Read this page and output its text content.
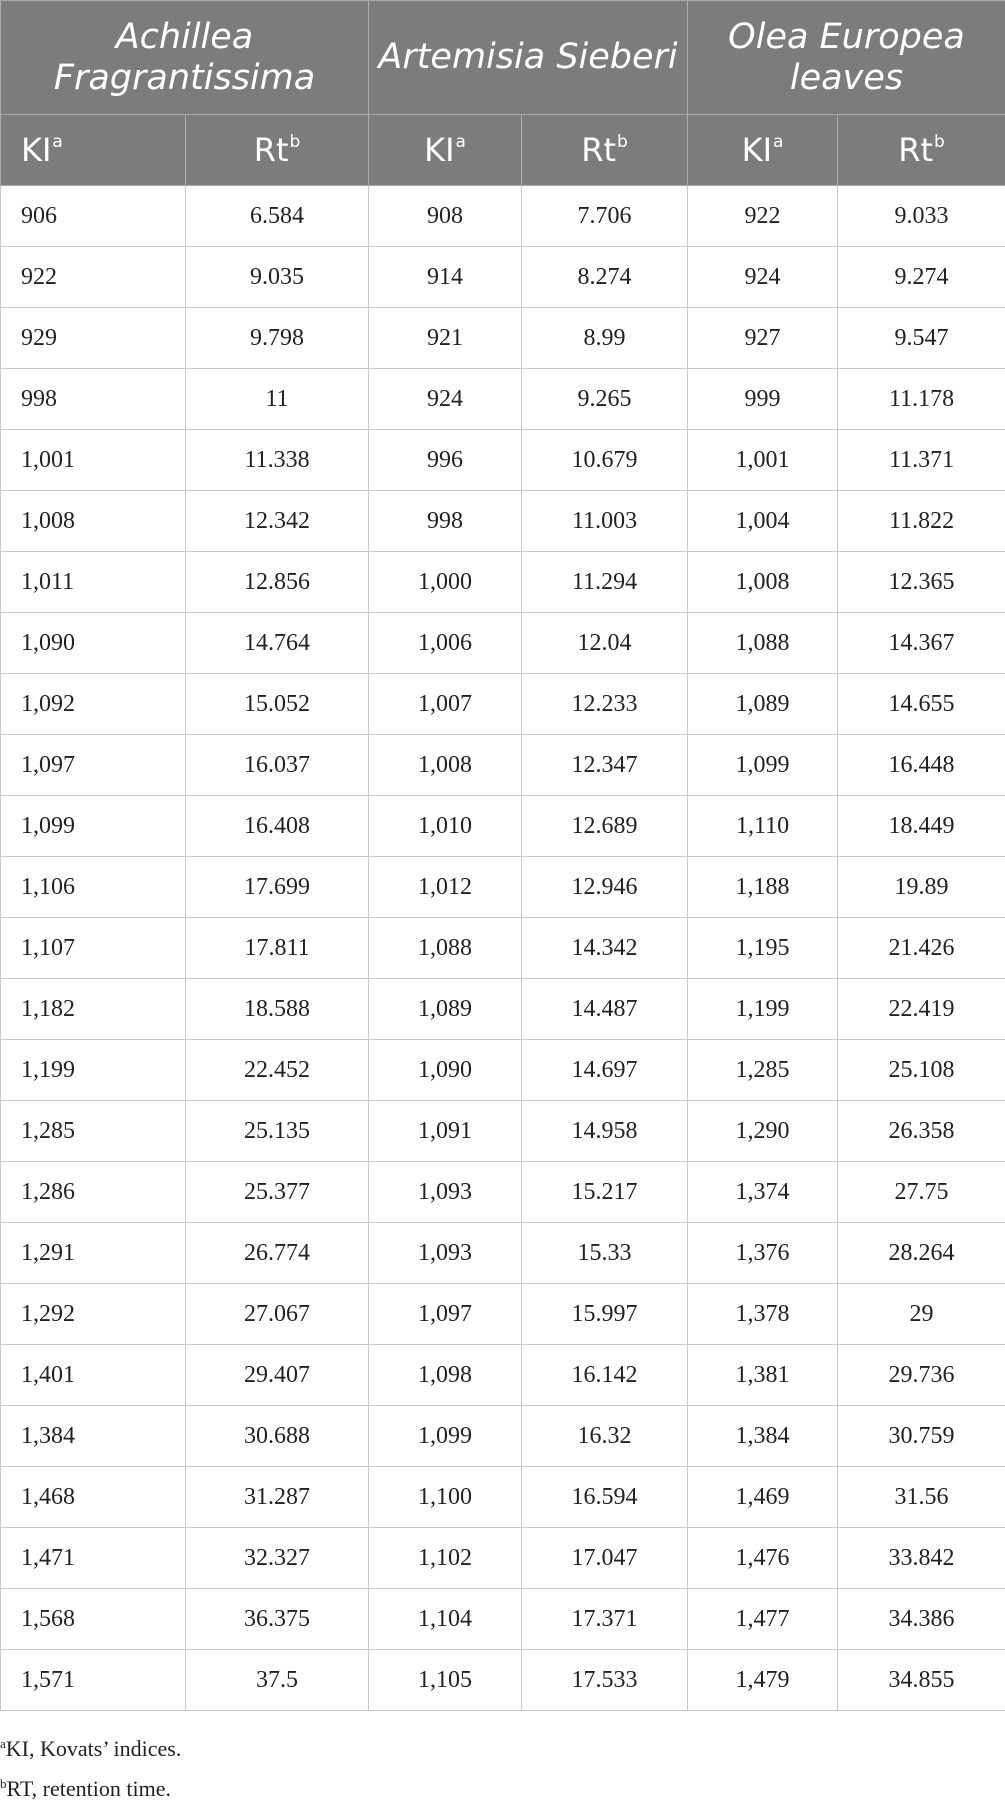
Achillea Fragrantissima		Artemisia Sieberi		Olea Europea leaves	
$KI^a$	Rt$^b$	$KI^a$	Rt$^b$	$KI^a$	Rt$^b$
906	6.584	908	7.706	922	9.033
922	9.035	914	8.274	924	9.274
929	9.798	921	8.99	927	9.547
998	11	924	9.265	999	11.178
1,001	11.338	996	10.679	1,001	11.371
1,008	12.342	998	11.003	1,004	11.822
1,011	12.856	1,000	11.294	1,008	12.365
1,090	14.764	1,006	12.04	1,088	14.367
1,092	15.052	1,007	12.233	1,089	14.655
1,097	16.037	1,008	12.347	1,099	16.448
1,099	16.408	1,010	12.689	1,110	18.449
1,106	17.699	1,012	12.946	1,188	19.89
1,107	17.811	1,088	14.342	1,195	21.426
1,182	18.588	1,089	14.487	1,199	22.419
1,199	22.452	1,090	14.697	1,285	25.108
1,285	25.135	1,091	14.958	1,290	26.358
1,286	25.377	1,093	15.217	1,374	27.75
1,291	26.774	1,093	15.33	1,376	28.264
1,292	27.067	1,097	15.997	1,378	29
1,401	29.407	1,098	16.142	1,381	29.736
1,384	30.688	1,099	16.32	1,384	30.759
1,468	31.287	1,100	16.594	1,469	31.56
1,471	32.327	1,102	17.047	1,476	33.842
1,568	36.375	1,104	17.371	1,477	34.386
1,571	37.5	1,105	17.533	1,479	34.855
$^a$KI, Kovats’ indices.
$^b$RT, retention time.
